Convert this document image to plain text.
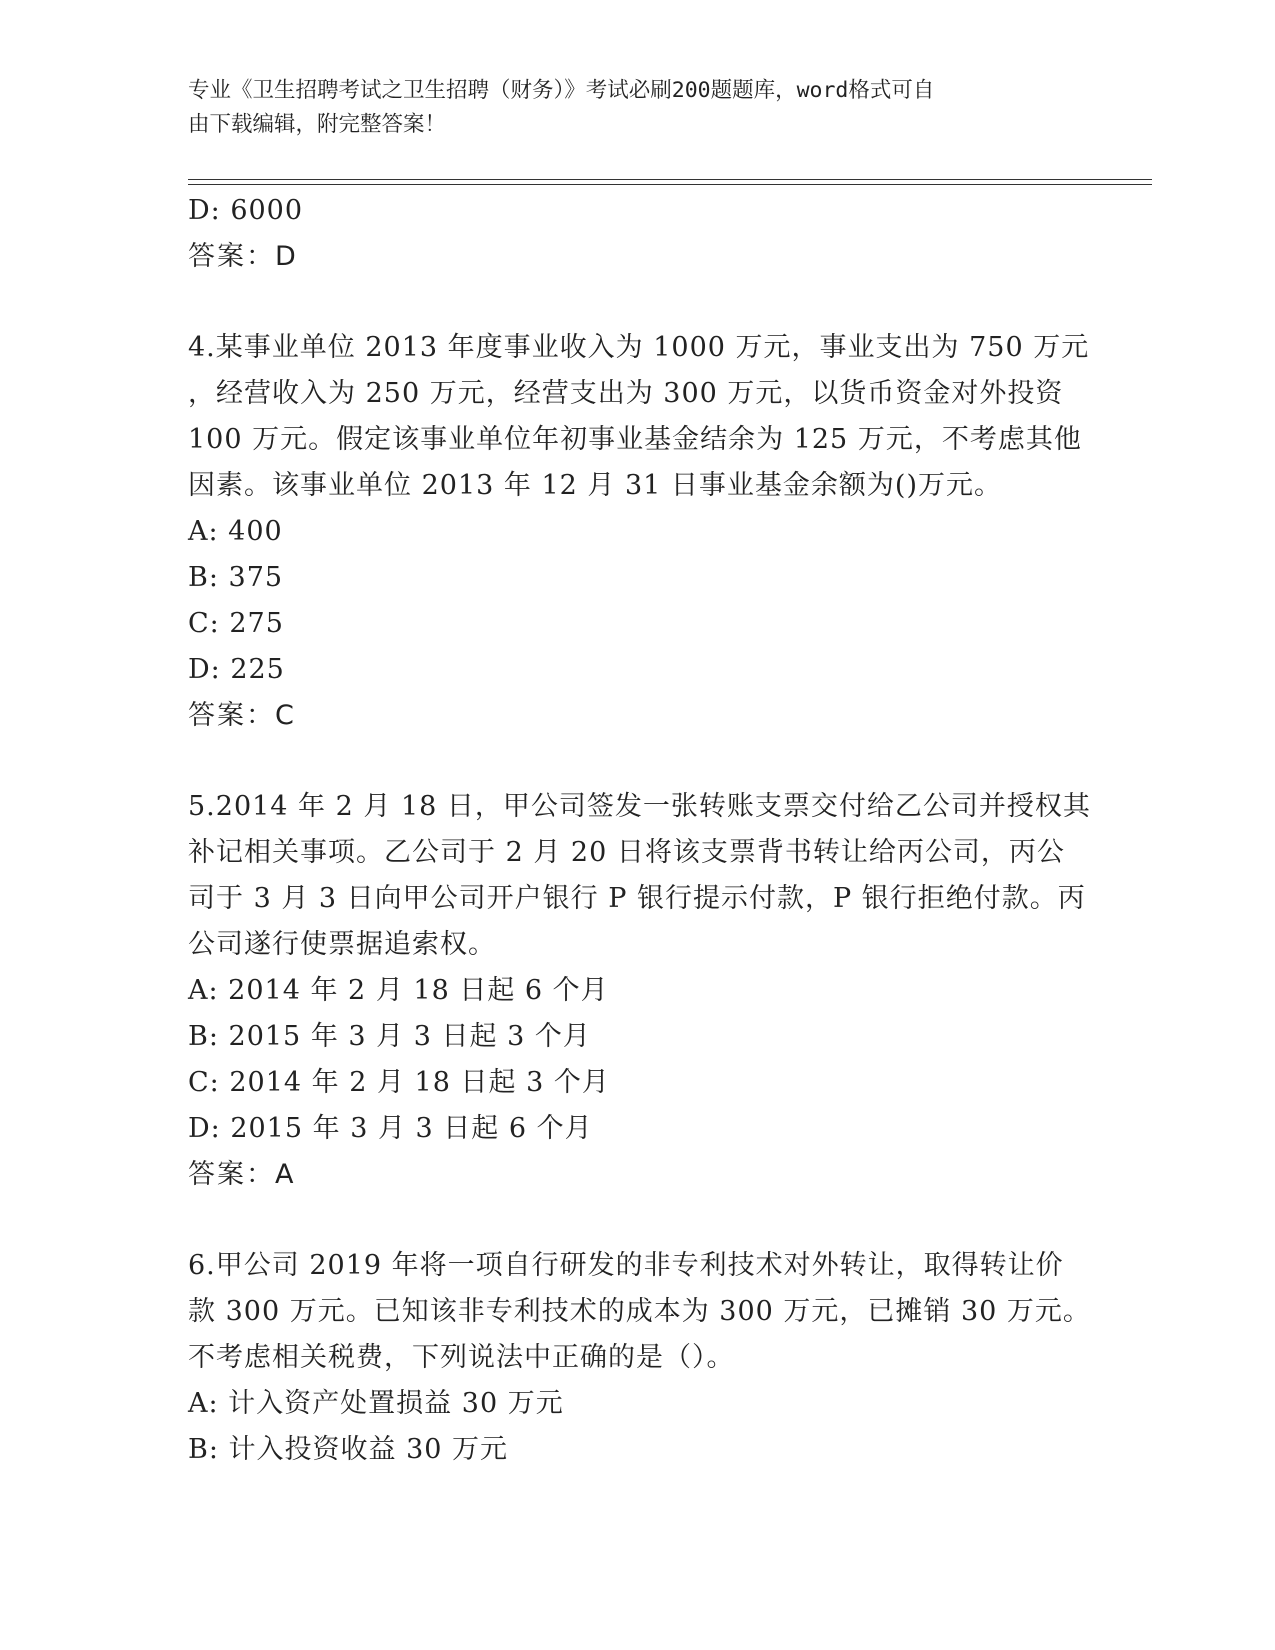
专业《卫生招聘考试之卫生招聘（财务）》考试必刷200题题库，word格式可自
由下载编辑，附完整答案！
D: 6000
答案：D
4.某事业单位 2013 年度事业收入为 1000 万元，事业支出为 750 万元
，经营收入为 250 万元，经营支出为 300 万元，以货币资金对外投资
100 万元。假定该事业单位年初事业基金结余为 125 万元，不考虑其他
因素。该事业单位 2013 年 12 月 31 日事业基金余额为()万元。
A: 400
B: 375
C: 275
D: 225
答案：C
5.2014 年 2 月 18 日，甲公司签发一张转账支票交付给乙公司并授权其
补记相关事项。乙公司于 2 月 20 日将该支票背书转让给丙公司，丙公
司于 3 月 3 日向甲公司开户银行 P 银行提示付款，P 银行拒绝付款。丙
公司遂行使票据追索权。
A: 2014 年 2 月 18 日起 6 个月
B: 2015 年 3 月 3 日起 3 个月
C: 2014 年 2 月 18 日起 3 个月
D: 2015 年 3 月 3 日起 6 个月
答案：A
6.甲公司 2019 年将一项自行研发的非专利技术对外转让，取得转让价
款 300 万元。已知该非专利技术的成本为 300 万元，已摊销 30 万元。
不考虑相关税费，下列说法中正确的是（）。
A: 计入资产处置损益 30 万元
B: 计入投资收益 30 万元
